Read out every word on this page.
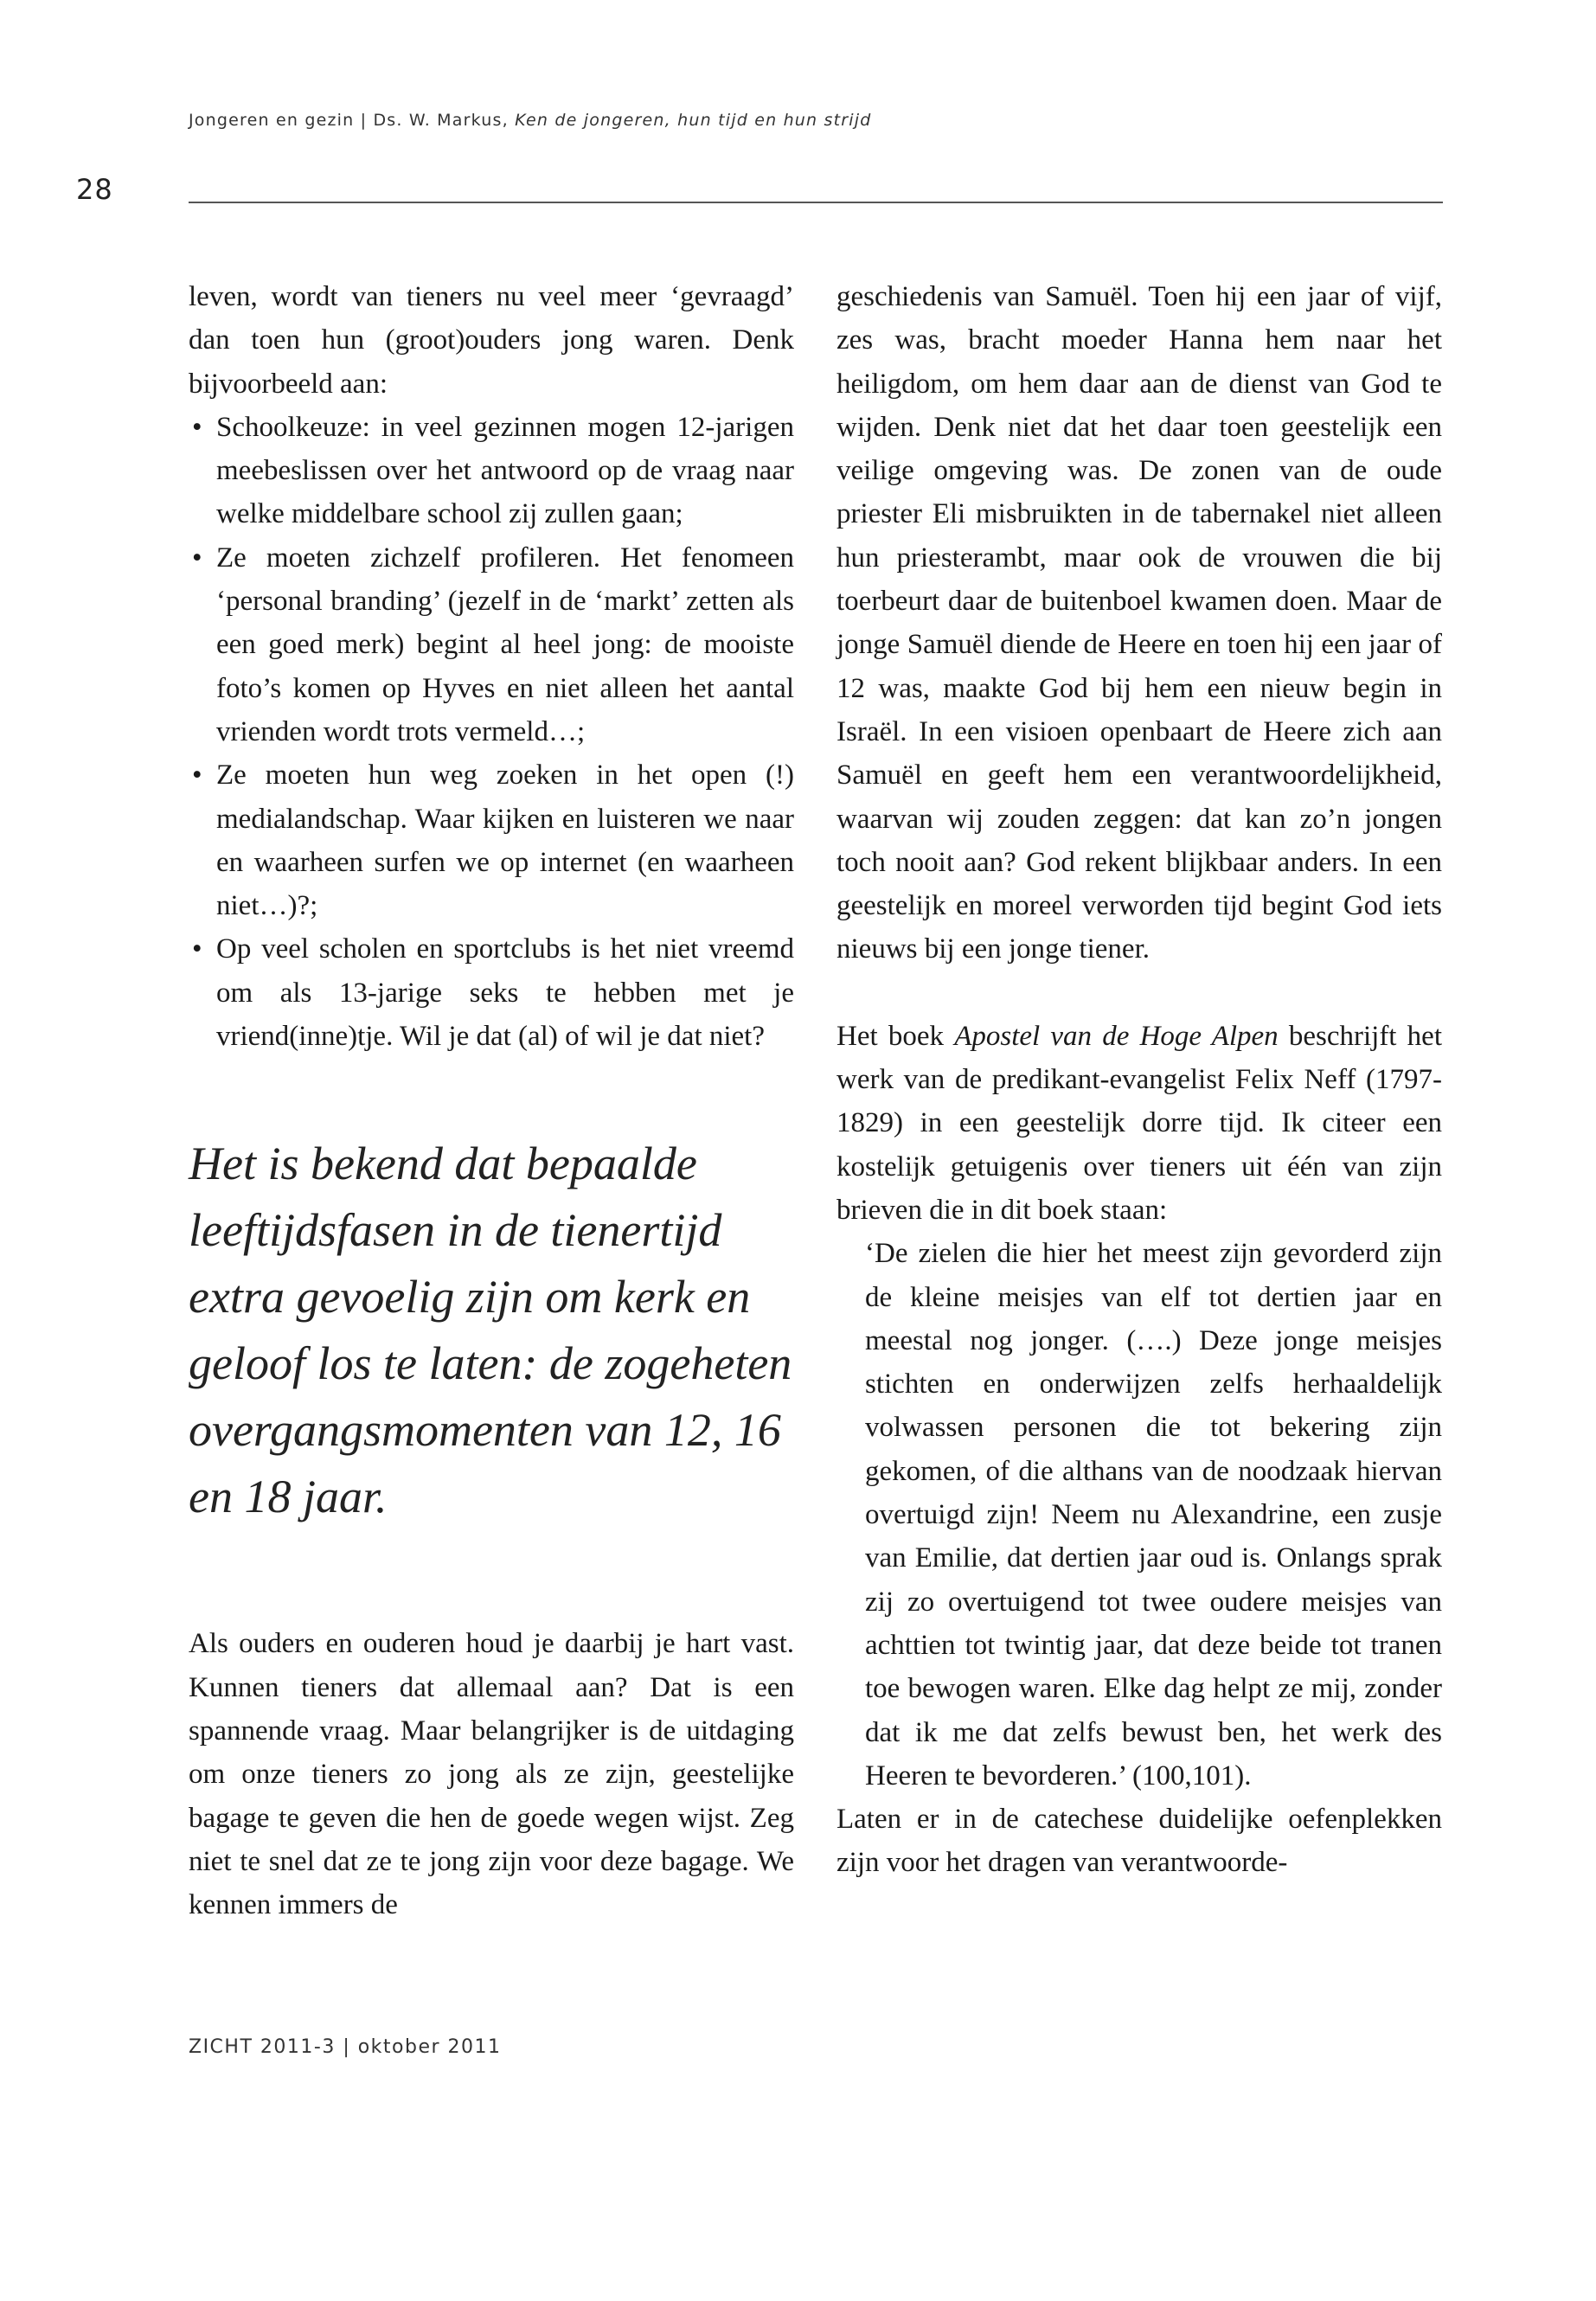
Jongeren en gezin | Ds. W. Markus, Ken de jongeren, hun tijd en hun strijd
28

leven, wordt van tieners nu veel meer ‘gevraagd’ dan toen hun (groot)ouders jong waren. Denk bijvoorbeeld aan:

• Schoolkeuze: in veel gezinnen mogen 12-jarigen meebeslissen over het antwoord op de vraag naar welke middelbare school zij zullen gaan;
• Ze moeten zichzelf profileren. Het fenomeen ‘personal branding’ (jezelf in de ‘markt’ zetten als een goed merk) begint al heel jong: de mooiste foto’s komen op Hyves en niet alleen het aantal vrienden wordt trots vermeld…;
• Ze moeten hun weg zoeken in het open (!) medialandschap. Waar kijken en luisteren we naar en waarheen surfen we op internet (en waarheen niet…)?;
• Op veel scholen en sportclubs is het niet vreemd om als 13-jarige seks te hebben met je vriend(inne)tje. Wil je dat (al) of wil je dat niet?

Het is bekend dat bepaalde leeftijdsfasen in de tienertijd extra gevoelig zijn om kerk en geloof los te laten: de zogeheten overgangsmomenten van 12, 16 en 18 jaar.

Als ouders en ouderen houd je daarbij je hart vast. Kunnen tieners dat allemaal aan? Dat is een spannende vraag. Maar belangrijker is de uitdaging om onze tieners zo jong als ze zijn, geestelijke bagage te geven die hen de goede wegen wijst. Zeg niet te snel dat ze te jong zijn voor deze bagage. We kennen immers de

geschiedenis van Samuël. Toen hij een jaar of vijf, zes was, bracht moeder Hanna hem naar het heiligdom, om hem daar aan de dienst van God te wijden. Denk niet dat het daar toen geestelijk een veilige omgeving was. De zonen van de oude priester Eli misbruikten in de tabernakel niet alleen hun priesterambt, maar ook de vrouwen die bij toerbeurt daar de buitenboel kwamen doen. Maar de jonge Samuël diende de Heere en toen hij een jaar of 12 was, maakte God bij hem een nieuw begin in Israël. In een visioen openbaart de Heere zich aan Samuël en geeft hem een verantwoordelijkheid, waarvan wij zouden zeggen: dat kan zo’n jongen toch nooit aan? God rekent blijkbaar anders. In een geestelijk en moreel verworden tijd begint God iets nieuws bij een jonge tiener.

Het boek Apostel van de Hoge Alpen beschrijft het werk van de predikant-evangelist Felix Neff (1797-1829) in een geestelijk dorre tijd. Ik citeer een kostelijk getuigenis over tieners uit één van zijn brieven die in dit boek staan:

‘De zielen die hier het meest zijn gevorderd zijn de kleine meisjes van elf tot dertien jaar en meestal nog jonger. (….) Deze jonge meisjes stichten en onderwijzen zelfs herhaaldelijk volwassen personen die tot bekering zijn gekomen, of die althans van de noodzaak hiervan overtuigd zijn! Neem nu Alexandrine, een zusje van Emilie, dat dertien jaar oud is. Onlangs sprak zij zo overtuigend tot twee oudere meisjes van achttien tot twintig jaar, dat deze beide tot tranen toe bewogen waren. Elke dag helpt ze mij, zonder dat ik me dat zelfs bewust ben, het werk des Heeren te bevorderen.’ (100,101).

Laten er in de catechese duidelijke oefenplekken zijn voor het dragen van verantwoorde-

ZICHT 2011-3 | oktober 2011
